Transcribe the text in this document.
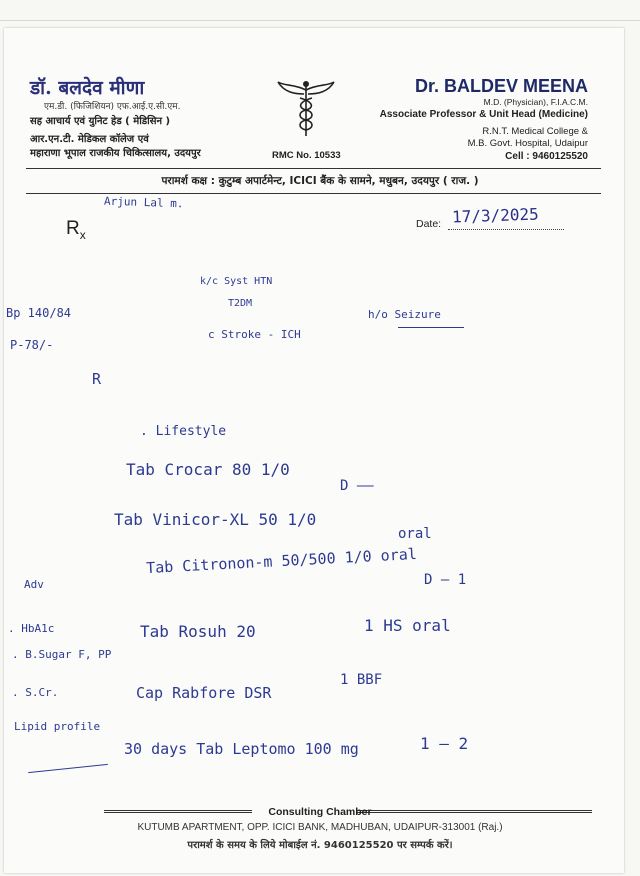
डॉ. बलदेव मीणा
एम.डी. (फिजिशियन) एफ.आई.ए.सी.एम.
सह आचार्य एवं युनिट हेड ( मेडिसिन )
आर.एन.टी. मेडिकल कॉलेज एवं
महाराणा भूपाल राजकीय चिकित्सालय, उदयपुर	RMC No. 10533
Dr. BALDEV MEENA
M.D. (Physician), F.I.A.C.M.
Associate Professor & Unit Head (Medicine)
R.N.T. Medical College &
M.B. Govt. Hospital, Udaipur
Cell : 9460125520
परामर्श कक्ष : कुटुम्ब अपार्टमेन्ट, ICICI बैंक के सामने, मधुबन, उदयपुर ( राज. )
$R_x$
Date: 17/3/2025
Arjun Lal m.
k/c Syst HTN
T2DM
c Stroke - ICH
h/o Seizure
Bp 140/84
P-78/-
R
. Lifestyle
Tab Crocar 80 1/0
D ——
Tab Vinicor-XL 50 1/0
oral
Tab Citronon-m 50/500 1/0 oral
D — 1
Tab Rosuh 20	1 HS oral
Cap Rabfore DSR
1 BBF
30 days Tab Leptomo 100 mg	1 — 2
Adv
. HbA1c
. B.Sugar F, PP
. S.Cr.
Lipid profile
Consulting Chamber
KUTUMB APARTMENT, OPP. ICICI BANK, MADHUBAN, UDAIPUR-313001 (Raj.)
परामर्श के समय के लिये मोबाईल नं. 9460125520 पर सम्पर्क करें।
